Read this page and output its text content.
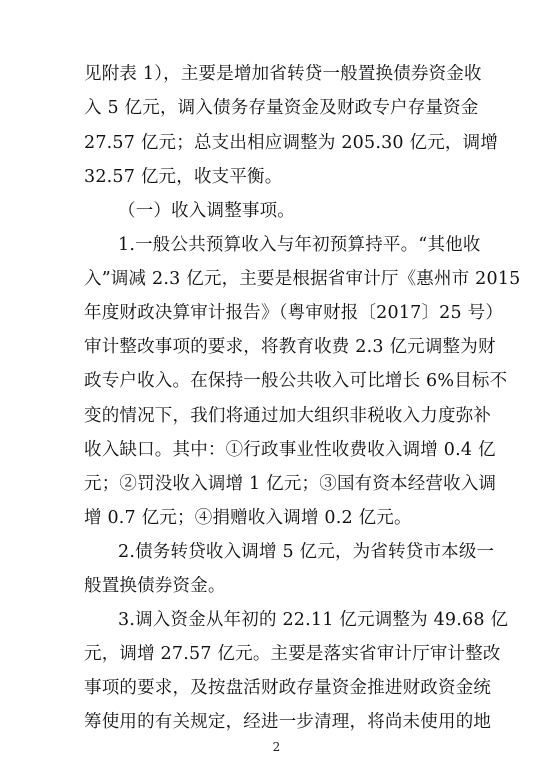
见附表 1），主要是增加省转贷一般置换债券资金收
入 5 亿元，调入债务存量资金及财政专户存量资金
27.57 亿元；总支出相应调整为 205.30 亿元，调增
32.57 亿元，收支平衡。
（一）收入调整事项。
1.一般公共预算收入与年初预算持平。“其他收
入”调减 2.3 亿元，主要是根据省审计厅《惠州市 2015
年度财政决算审计报告》（粤审财报〔2017〕25 号）
审计整改事项的要求，将教育收费 2.3 亿元调整为财
政专户收入。在保持一般公共收入可比增长 6%目标不
变的情况下，我们将通过加大组织非税收入力度弥补
收入缺口。其中：①行政事业性收费收入调增 0.4 亿
元；②罚没收入调增 1 亿元；③国有资本经营收入调
增 0.7 亿元；④捐赠收入调增 0.2 亿元。
2.债务转贷收入调增 5 亿元，为省转贷市本级一
般置换债券资金。
3.调入资金从年初的 22.11 亿元调整为 49.68 亿
元，调增 27.57 亿元。主要是落实省审计厅审计整改
事项的要求，及按盘活财政存量资金推进财政资金统
筹使用的有关规定，经进一步清理，将尚未使用的地
2
